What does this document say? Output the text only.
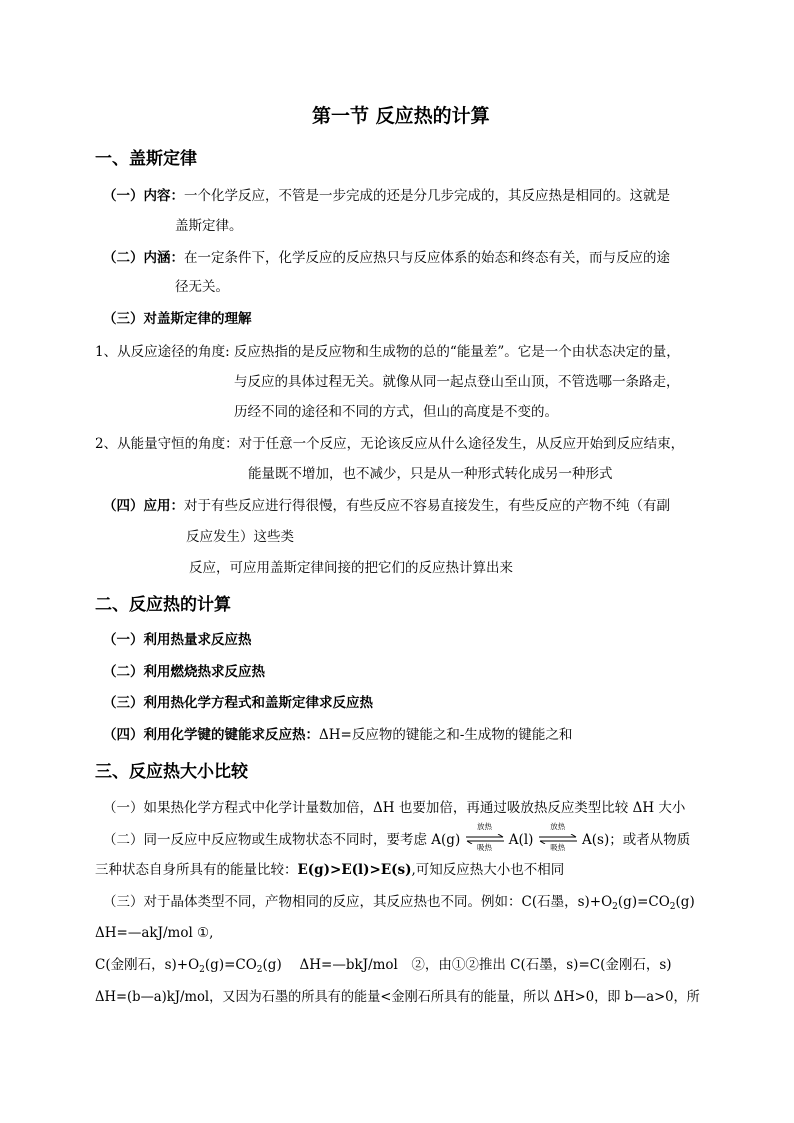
第一节 反应热的计算
一、盖斯定律
（一）内容：一个化学反应，不管是一步完成的还是分几步完成的，其反应热是相同的。这就是
盖斯定律。
（二）内涵：在一定条件下，化学反应的反应热只与反应体系的始态和终态有关，而与反应的途
径无关。
（三）对盖斯定律的理解
1、从反应途径的角度: 反应热指的是反应物和生成物的总的“能量差”。它是一个由状态决定的量，
与反应的具体过程无关。就像从同一起点登山至山顶，不管选哪一条路走，
历经不同的途径和不同的方式，但山的高度是不变的。
2、从能量守恒的角度：对于任意一个反应，无论该反应从什么途径发生，从反应开始到反应结束，
能量既不增加，也不减少，只是从一种形式转化成另一种形式
（四）应用：对于有些反应进行得很慢，有些反应不容易直接发生，有些反应的产物不纯（有副
反应发生）这些类
反应，可应用盖斯定律间接的把它们的反应热计算出来
二、反应热的计算
（一）利用热量求反应热
（二）利用燃烧热求反应热
（三）利用热化学方程式和盖斯定律求反应热
（四）利用化学键的键能求反应热：ΔH=反应物的键能之和-生成物的键能之和
三、反应热大小比较
（一）如果热化学方程式中化学计量数加倍，ΔH 也要加倍，再通过吸放热反应类型比较 ΔH 大小
（二）同一反应中反应物或生成物状态不同时，要考虑 A(g)
放热
吸热 A(l)
放热
吸热 A(s)；或者从物质
三种状态自身所具有的能量比较：E(g)>E(l)>E(s),可知反应热大小也不相同
（三）对于晶体类型不同，产物相同的反应，其反应热也不同。例如：C(石墨，$s)+O_2(g)=CO_2(g)$
ΔH=—akJ/mol ①,
C(金刚石，$s)+O_2(g)=CO_2(g)$　 ΔH=—bkJ/mol　②，由①②推出 C(石墨，s)=C(金刚石，s)
ΔH=(b—a)kJ/mol，又因为石墨的所具有的能量<金刚石所具有的能量，所以 ΔH>0，即 b—a>0，所
